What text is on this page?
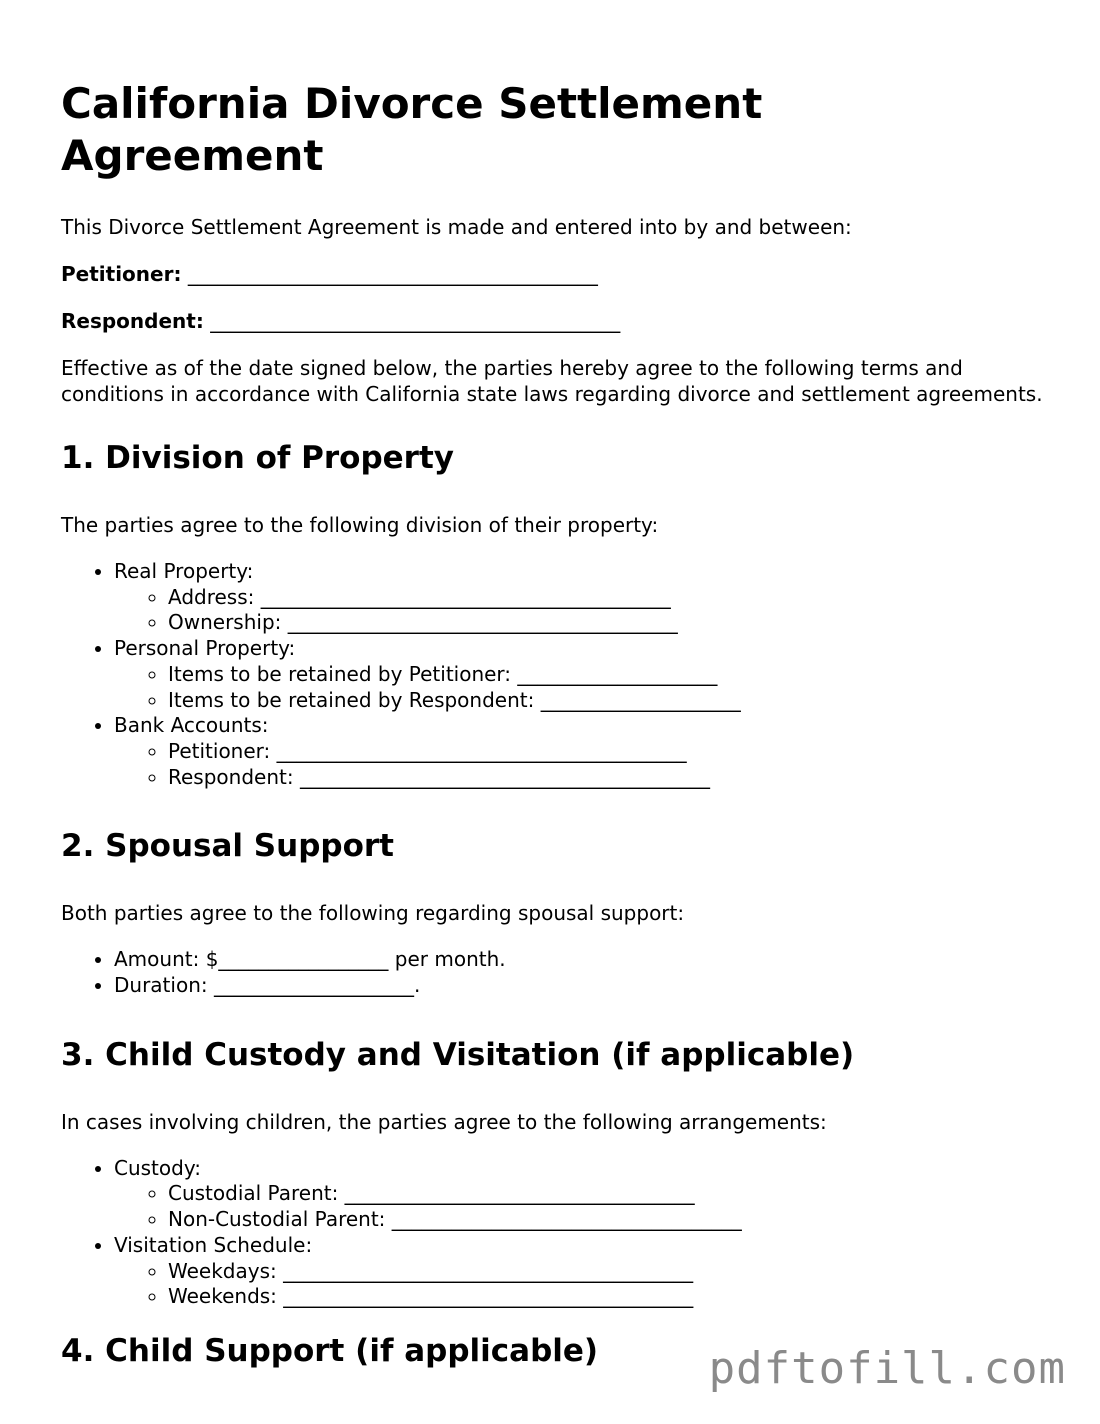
California Divorce Settlement Agreement

This Divorce Settlement Agreement is made and entered into by and between:

Petitioner: _________________________________________

Respondent: _________________________________________

Effective as of the date signed below, the parties hereby agree to the following terms and conditions in accordance with California state laws regarding divorce and settlement agreements.

1. Division of Property

The parties agree to the following division of their property:

• Real Property:
◦ Address: _________________________________________
◦ Ownership: _______________________________________
• Personal Property:
◦ Items to be retained by Petitioner: ____________________
◦ Items to be retained by Respondent: ____________________
• Bank Accounts:
◦ Petitioner: _________________________________________
◦ Respondent: _________________________________________
2. Spousal Support

Both parties agree to the following regarding spousal support:

• Amount: $_________________ per month.
• Duration: ____________________.
3. Child Custody and Visitation (if applicable)

In cases involving children, the parties agree to the following arrangements:

• Custody:
◦ Custodial Parent: ___________________________________
◦ Non-Custodial Parent: ___________________________________
• Visitation Schedule:
◦ Weekdays: _________________________________________
◦ Weekends: _________________________________________
4. Child Support (if applicable)	pdftofill.com
